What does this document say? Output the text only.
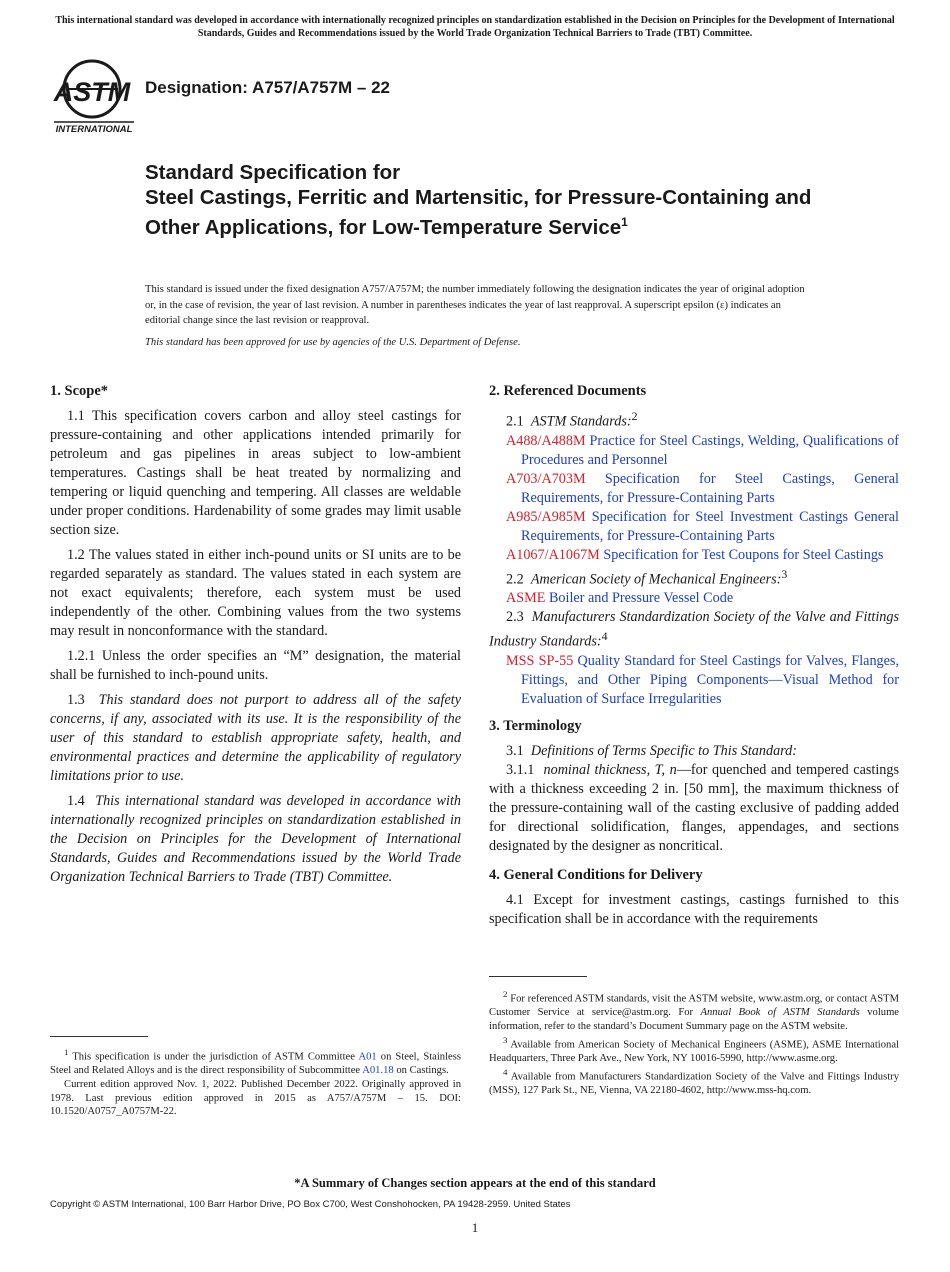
This international standard was developed in accordance with internationally recognized principles on standardization established in the Decision on Principles for the Development of International Standards, Guides and Recommendations issued by the World Trade Organization Technical Barriers to Trade (TBT) Committee.
ASTM
INTERNATIONAL
Designation: A757/A757M – 22
Standard Specification for
Steel Castings, Ferritic and Martensitic, for Pressure-Containing and Other Applications, for Low-Temperature Service$^1$
This standard is issued under the fixed designation A757/A757M; the number immediately following the designation indicates the year of original adoption or, in the case of revision, the year of last revision. A number in parentheses indicates the year of last reapproval. A superscript epsilon (ε) indicates an editorial change since the last revision or reapproval.
This standard has been approved for use by agencies of the U.S. Department of Defense.
1. Scope*
1.1 This specification covers carbon and alloy steel castings for pressure-containing and other applications intended primarily for petroleum and gas pipelines in areas subject to low-ambient temperatures. Castings shall be heat treated by normalizing and tempering or liquid quenching and tempering. All classes are weldable under proper conditions. Hardenability of some grades may limit usable section size.
1.2 The values stated in either inch-pound units or SI units are to be regarded separately as standard. The values stated in each system are not exact equivalents; therefore, each system must be used independently of the other. Combining values from the two systems may result in nonconformance with the standard.
1.2.1 Unless the order specifies an “M” designation, the material shall be furnished to inch-pound units.
1.3 This standard does not purport to address all of the safety concerns, if any, associated with its use. It is the responsibility of the user of this standard to establish appropriate safety, health, and environmental practices and determine the applicability of regulatory limitations prior to use.
1.4 This international standard was developed in accordance with internationally recognized principles on standardization established in the Decision on Principles for the Development of International Standards, Guides and Recommendations issued by the World Trade Organization Technical Barriers to Trade (TBT) Committee.
2. Referenced Documents
2.1 ASTM Standards:$^2$
A488/A488M Practice for Steel Castings, Welding, Qualifications of Procedures and Personnel
A703/A703M Specification for Steel Castings, General Requirements, for Pressure-Containing Parts
A985/A985M Specification for Steel Investment Castings General Requirements, for Pressure-Containing Parts
A1067/A1067M Specification for Test Coupons for Steel Castings
2.2 American Society of Mechanical Engineers:$^3$
ASME Boiler and Pressure Vessel Code
2.3 Manufacturers Standardization Society of the Valve and Fittings Industry Standards:$^4$
MSS SP-55 Quality Standard for Steel Castings for Valves, Flanges, Fittings, and Other Piping Components—Visual Method for Evaluation of Surface Irregularities
3. Terminology
3.1 Definitions of Terms Specific to This Standard:
3.1.1 nominal thickness, T, n—for quenched and tempered castings with a thickness exceeding 2 in. [50 mm], the maximum thickness of the pressure-containing wall of the casting exclusive of padding added for directional solidification, flanges, appendages, and sections designated by the designer as noncritical.
4. General Conditions for Delivery
4.1 Except for investment castings, castings furnished to this specification shall be in accordance with the requirements

$^1$ This specification is under the jurisdiction of ASTM Committee A01 on Steel, Stainless Steel and Related Alloys and is the direct responsibility of Subcommittee A01.18 on Castings.

Current edition approved Nov. 1, 2022. Published December 2022. Originally approved in 1978. Last previous edition approved in 2015 as A757/A757M – 15. DOI: 10.1520/A0757_A0757M-22.

$^2$ For referenced ASTM standards, visit the ASTM website, www.astm.org, or contact ASTM Customer Service at service@astm.org. For Annual Book of ASTM Standards volume information, refer to the standard’s Document Summary page on the ASTM website.

$^3$ Available from American Society of Mechanical Engineers (ASME), ASME International Headquarters, Three Park Ave., New York, NY 10016-5990, http://www.asme.org.

$^4$ Available from Manufacturers Standardization Society of the Valve and Fittings Industry (MSS), 127 Park St., NE, Vienna, VA 22180-4602, http://www.mss-hq.com.

*A Summary of Changes section appears at the end of this standard
Copyright © ASTM International, 100 Barr Harbor Drive, PO Box C700, West Conshohocken, PA 19428-2959. United States
1
